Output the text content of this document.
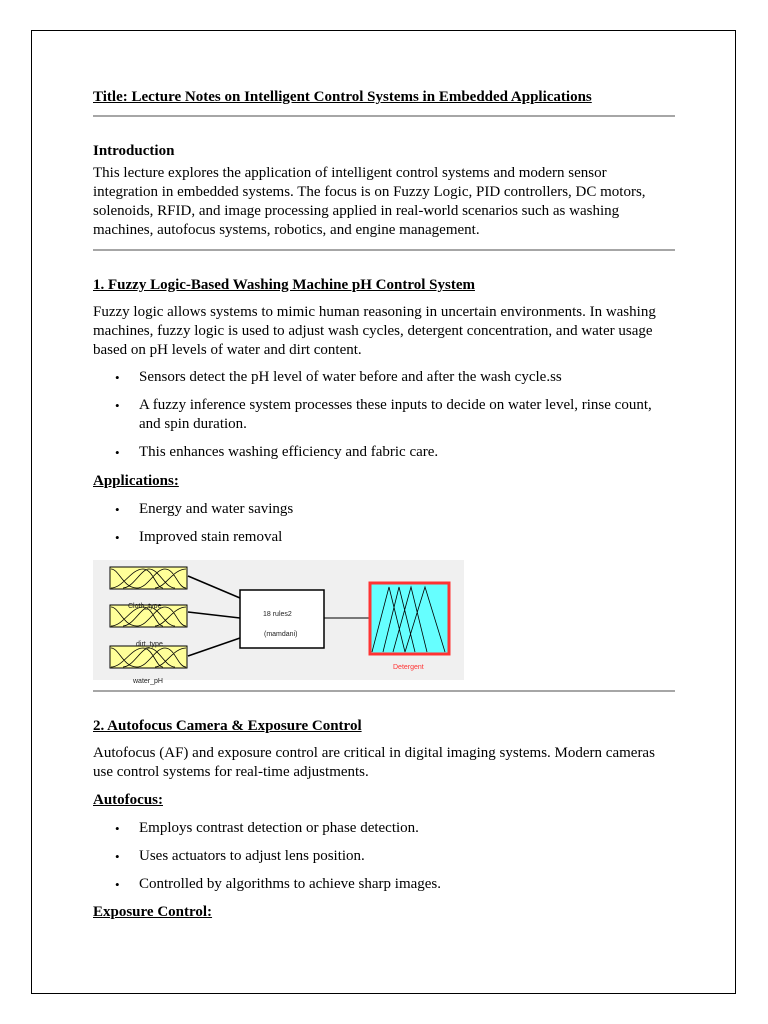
Title: Lecture Notes on Intelligent Control Systems in Embedded Applications

Introduction

This lecture explores the application of intelligent control systems and modern sensor integration in embedded systems. The focus is on Fuzzy Logic, PID controllers, DC motors, solenoids, RFID, and image processing applied in real-world scenarios such as washing machines, autofocus systems, robotics, and engine management.

1. Fuzzy Logic-Based Washing Machine pH Control System

Fuzzy logic allows systems to mimic human reasoning in uncertain environments. In washing machines, fuzzy logic is used to adjust wash cycles, detergent concentration, and water usage based on pH levels of water and dirt content.

• Sensors detect the pH level of water before and after the wash cycle.ss
• A fuzzy inference system processes these inputs to decide on water level, rinse count, and spin duration.
• This enhances washing efficiency and fabric care.

Applications:

• Energy and water savings
• Improved stain removal
Cloth_type
dirt_type
water_pH
18 rules2
(mamdani)
Detergent

2. Autofocus Camera & Exposure Control

Autofocus (AF) and exposure control are critical in digital imaging systems. Modern cameras use control systems for real-time adjustments.

Autofocus:

• Employs contrast detection or phase detection.
• Uses actuators to adjust lens position.
• Controlled by algorithms to achieve sharp images.

Exposure Control:
